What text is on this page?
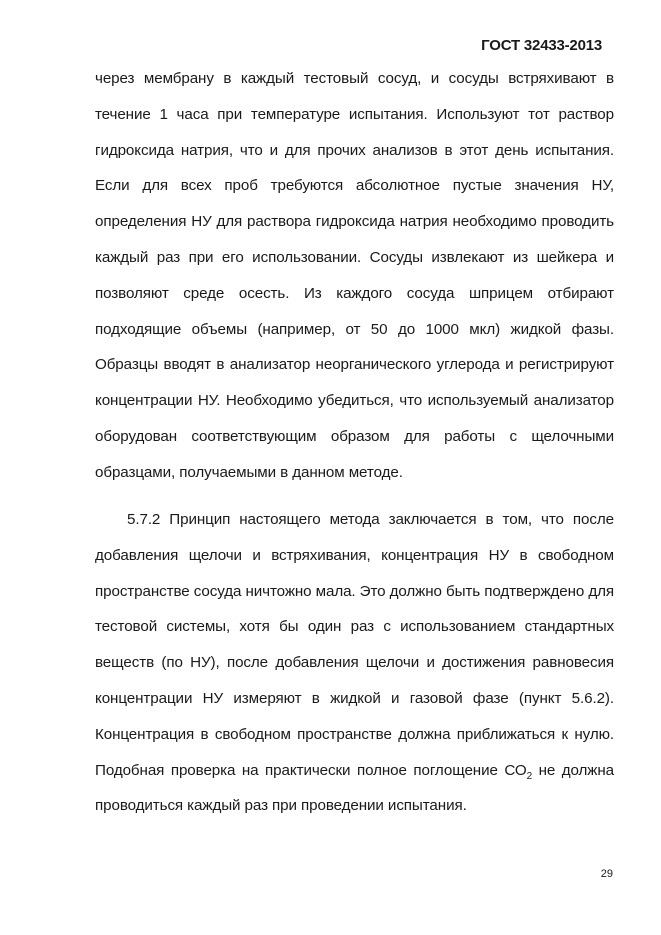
ГОСТ 32433-2013
через мембрану в каждый тестовый сосуд, и сосуды встряхивают в течение 1 часа при температуре испытания. Используют тот раствор гидроксида натрия, что и для прочих анализов в этот день испытания. Если для всех проб требуются абсолютное пустые значения НУ, определения НУ для раствора гидроксида натрия необходимо проводить каждый раз при его использовании. Сосуды извлекают из шейкера и позволяют среде осесть. Из каждого сосуда шприцем отбирают подходящие объемы (например, от 50 до 1000 мкл) жидкой фазы. Образцы вводят в анализатор неорганического углерода и регистрируют концентрации НУ. Необходимо убедиться, что используемый анализатор оборудован соответствующим образом для работы с щелочными образцами, получаемыми в данном методе.
5.7.2 Принцип настоящего метода заключается в том, что после добавления щелочи и встряхивания, концентрация НУ в свободном пространстве сосуда ничтожно мала. Это должно быть подтверждено для тестовой системы, хотя бы один раз с использованием стандартных веществ (по НУ), после добавления щелочи и достижения равновесия концентрации НУ измеряют в жидкой и газовой фазе (пункт 5.6.2). Концентрация в свободном пространстве должна приближаться к нулю. Подобная проверка на практически полное поглощение $СО_2$ не должна проводиться каждый раз при проведении испытания.
29
